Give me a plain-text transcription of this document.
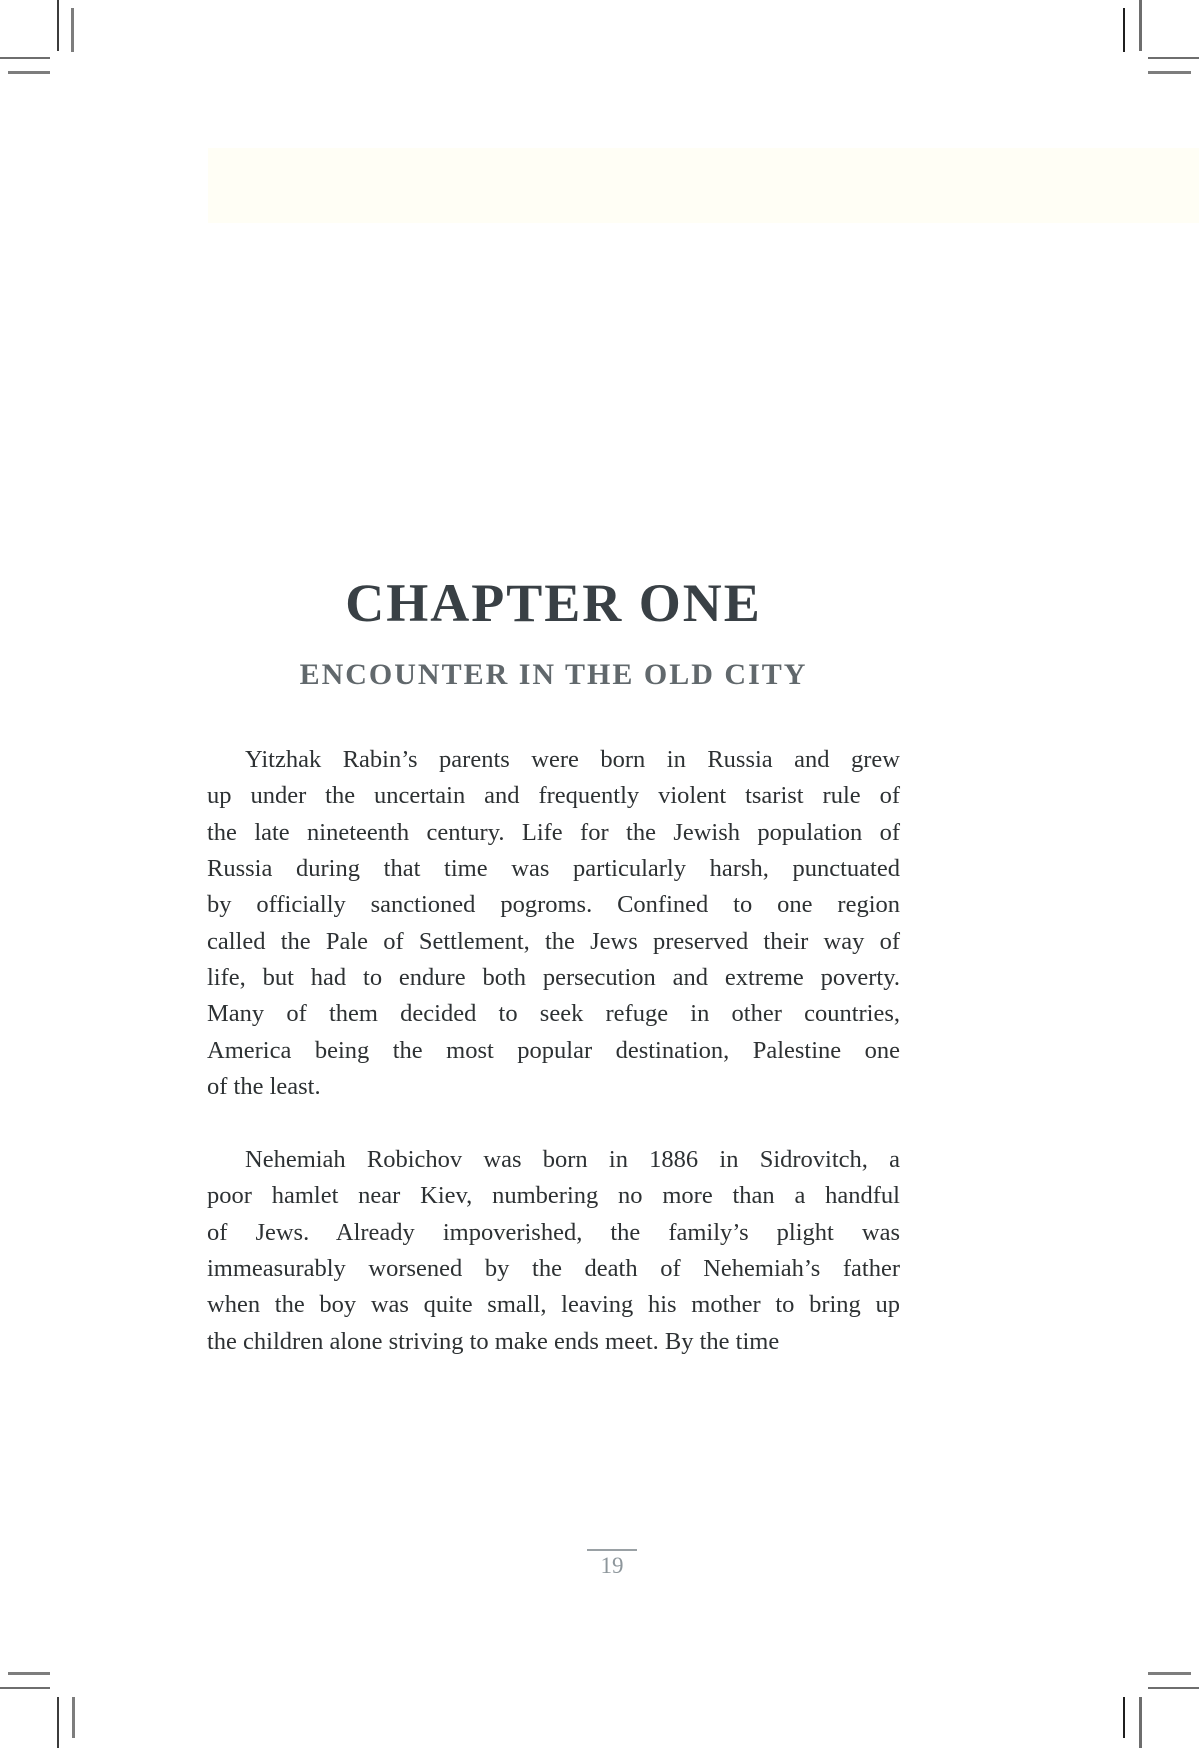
CHAPTER ONE
ENCOUNTER IN THE OLD CITY
Yitzhak Rabin’s parents were born in Russia and grew
up under the uncertain and frequently violent tsarist rule of
the late nineteenth century. Life for the Jewish population of
Russia during that time was particularly harsh, punctuated
by officially sanctioned pogroms. Confined to one region
called the Pale of Settlement, the Jews preserved their way of
life, but had to endure both persecution and extreme poverty.
Many of them decided to seek refuge in other countries,
America being the most popular destination, Palestine one
of the least.
Nehemiah Robichov was born in 1886 in Sidrovitch, a
poor hamlet near Kiev, numbering no more than a handful
of Jews. Already impoverished, the family’s plight was
immeasurably worsened by the death of Nehemiah’s father
when the boy was quite small, leaving his mother to bring up
the children alone striving to make ends meet. By the time
19
